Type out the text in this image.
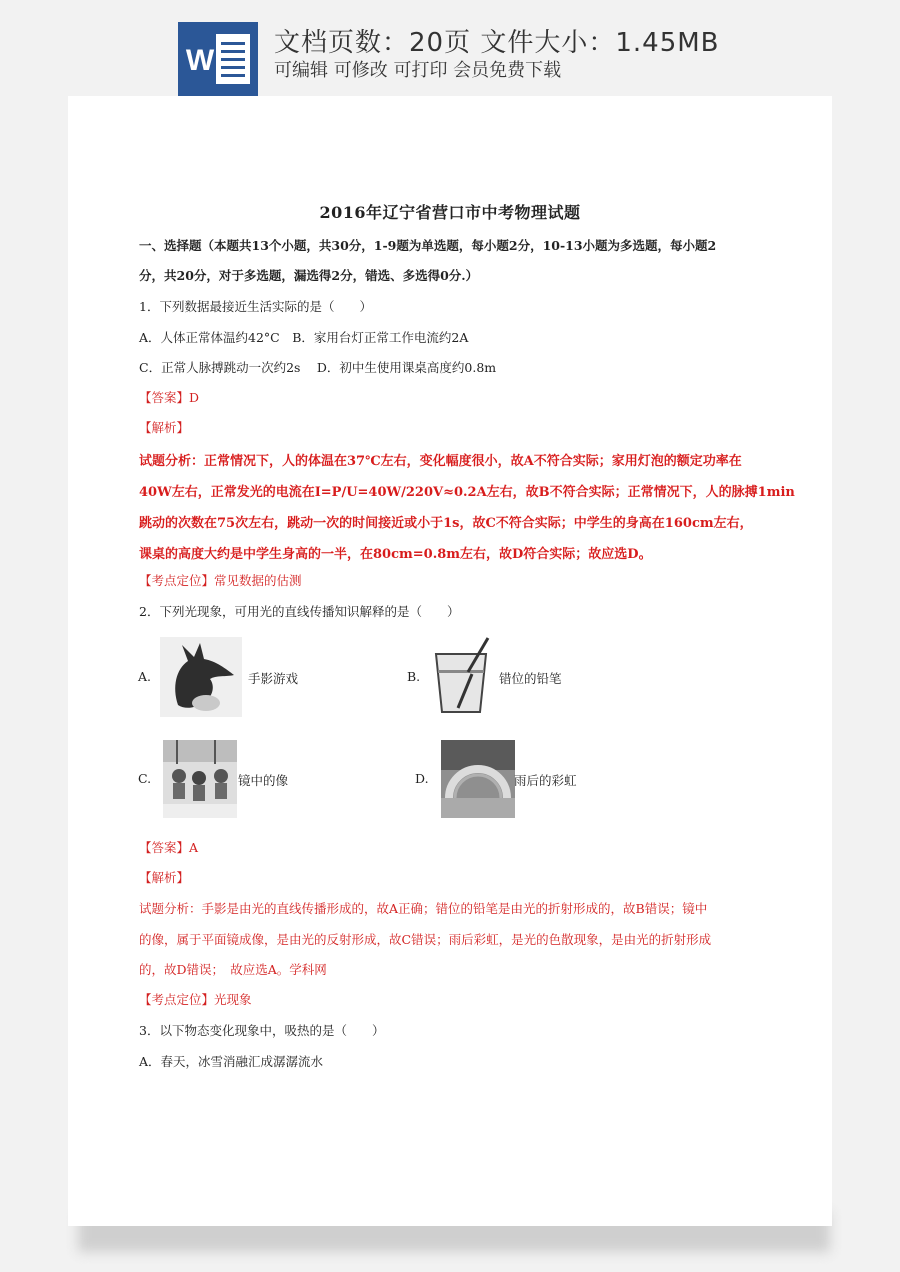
W
文档页数：20页 文件大小：1.45MB
可编辑 可修改 可打印 会员免费下载
2016年辽宁省营口市中考物理试题
一、选择题（本题共13个小题，共30分，1-9题为单选题，每小题2分，10-13小题为多选题，每小题2
分，共20分，对于多选题，漏选得2分，错选、多选得0分.）
1．下列数据最接近生活实际的是（　　）
A．人体正常体温约42°C　B．家用台灯正常工作电流约2A
C．正常人脉搏跳动一次约2s　 D．初中生使用课桌高度约0.8m
【答案】D
【解析】
试题分析：正常情况下，人的体温在37℃左右，变化幅度很小，故A不符合实际；家用灯泡的额定功率在
40W左右，正常发光的电流在I=P/U=40W/220V≈0.2A左右，故B不符合实际；正常情况下，人的脉搏1min
跳动的次数在75次左右，跳动一次的时间接近或小于1s，故C不符合实际；中学生的身高在160cm左右，
课桌的高度大约是中学生身高的一半，在80cm=0.8m左右，故D符合实际；故应选D。
【考点定位】常见数据的估测
2．下列光现象，可用光的直线传播知识解释的是（　　）
A.	手影游戏	B.	错位的铅笔
C.	镜中的像	D.	雨后的彩虹
【答案】A
【解析】
试题分析：手影是由光的直线传播形成的，故A正确；错位的铅笔是由光的折射形成的，故B错误；镜中
的像，属于平面镜成像，是由光的反射形成，故C错误；雨后彩虹，是光的色散现象，是由光的折射形成
的，故D错误；　故应选A。学科网
【考点定位】光现象
3．以下物态变化现象中，吸热的是（　　）
A．春天，冰雪消融汇成潺潺流水
